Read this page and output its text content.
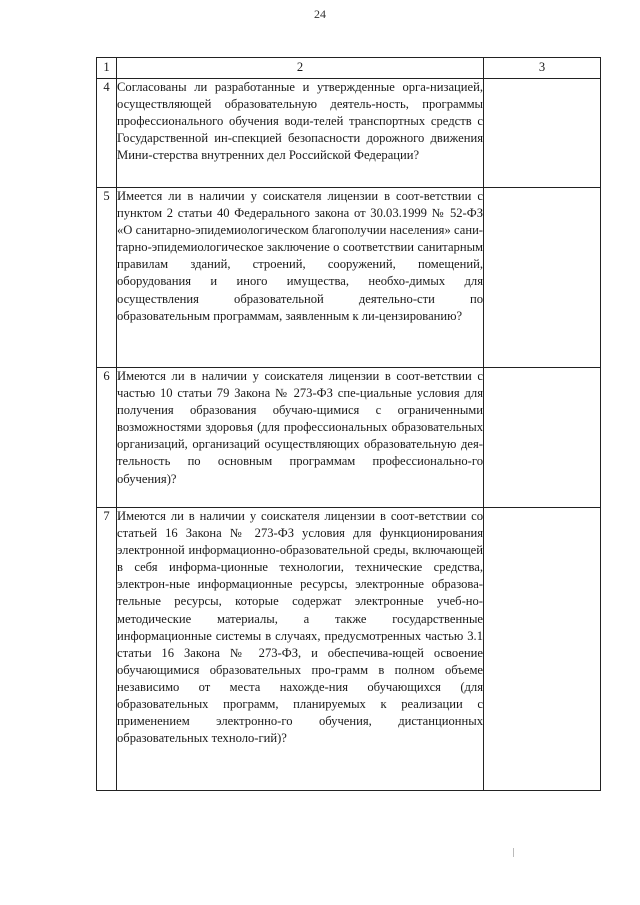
24
1	2	3
4	Согласованы ли разработанные и утвержденные орга-низацией, осуществляющей образовательную деятель-ность, программы профессионального обучения води-телей транспортных средств с Государственной ин-спекцией безопасности дорожного движения Мини-стерства внутренних дел Российской Федерации?	
5	Имеется ли в наличии у соискателя лицензии в соот-ветствии с пунктом 2 статьи 40 Федерального закона от 30.03.1999 № 52-ФЗ «О санитарно-эпидемиологическом благополучии населения» сани-тарно-эпидемиологическое заключение о соответствии санитарным правилам зданий, строений, сооружений, помещений, оборудования и иного имущества, необхо-димых для осуществления образовательной деятельно-сти по образовательным программам, заявленным к ли-цензированию?	
6	Имеются ли в наличии у соискателя лицензии в соот-ветствии с частью 10 статьи 79 Закона № 273-ФЗ спе-циальные условия для получения образования обучаю-щимися с ограниченными возможностями здоровья (для профессиональных образовательных организаций, организаций осуществляющих образовательную дея-тельность по основным программам профессионально-го обучения)?	
7	Имеются ли в наличии у соискателя лицензии в соот-ветствии со статьей 16 Закона № 273-ФЗ условия для функционирования электронной информационно-образовательной среды, включающей в себя информа-ционные технологии, технические средства, электрон-ные информационные ресурсы, электронные образова-тельные ресурсы, которые содержат электронные учеб-но-методические материалы, а также государственные информационные системы в случаях, предусмотренных частью 3.1 статьи 16 Закона № 273-ФЗ, и обеспечива-ющей освоение обучающимися образовательных про-грамм в полном объеме независимо от места нахожде-ния обучающихся (для образовательных программ, планируемых к реализации с применением электронно-го обучения, дистанционных образовательных техноло-гий)?	
